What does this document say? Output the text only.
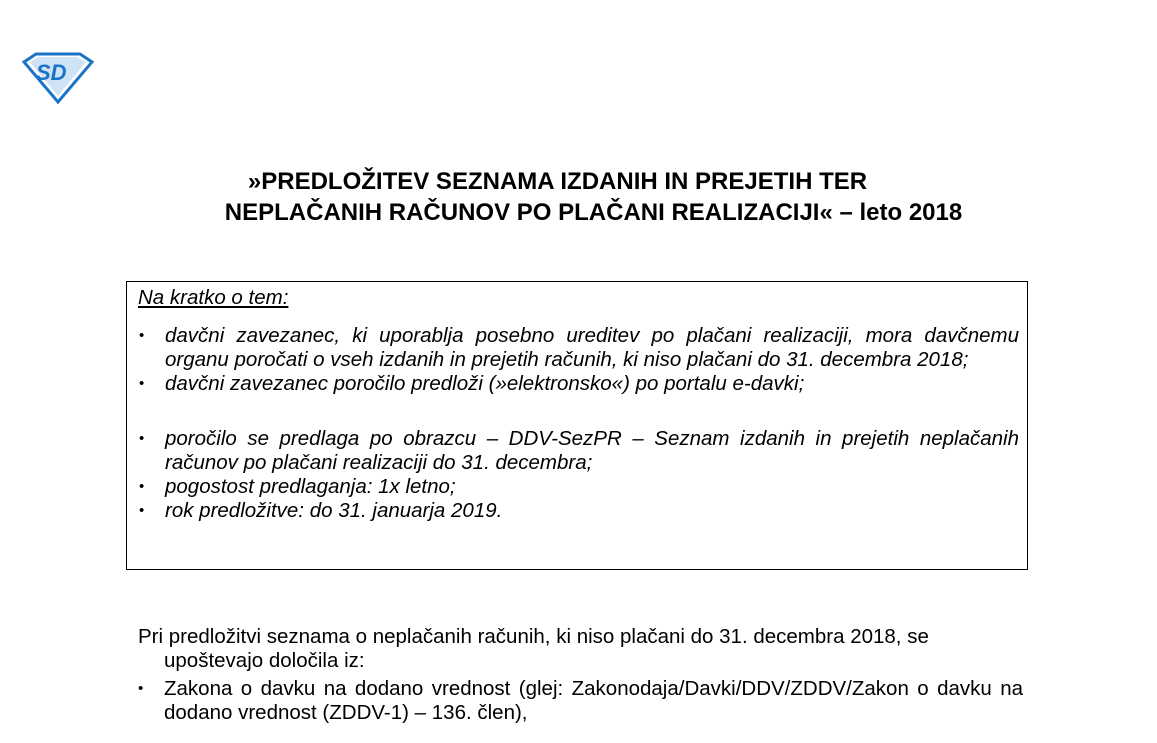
SD
»PREDLOŽITEV SEZNAMA IZDANIH IN PREJETIH TER
NEPLAČANIH RAČUNOV PO PLAČANI REALIZACIJI« – leto 2018
Na kratko o tem:
• davčni zavezanec, ki uporablja posebno ureditev po plačani realizaciji, mora davčnemu organu poročati o vseh izdanih in prejetih računih, ki niso plačani do 31. decembra 2018;
• davčni zavezanec poročilo predloži (»elektronsko«) po portalu e-davki;
• poročilo se predlaga po obrazcu – DDV-SezPR – Seznam izdanih in prejetih neplačanih računov po plačani realizaciji do 31. decembra;
• pogostost predlaganja: 1x letno;
• rok predložitve: do 31. januarja 2019.

Pri predložitvi seznama o neplačanih računih, ki niso plačani do 31. decembra 2018, se upoštevajo določila iz:

• Zakona o davku na dodano vrednost (glej: Zakonodaja/Davki/DDV/ZDDV/Zakon o davku na dodano vrednost (ZDDV-1) – 136. člen),
